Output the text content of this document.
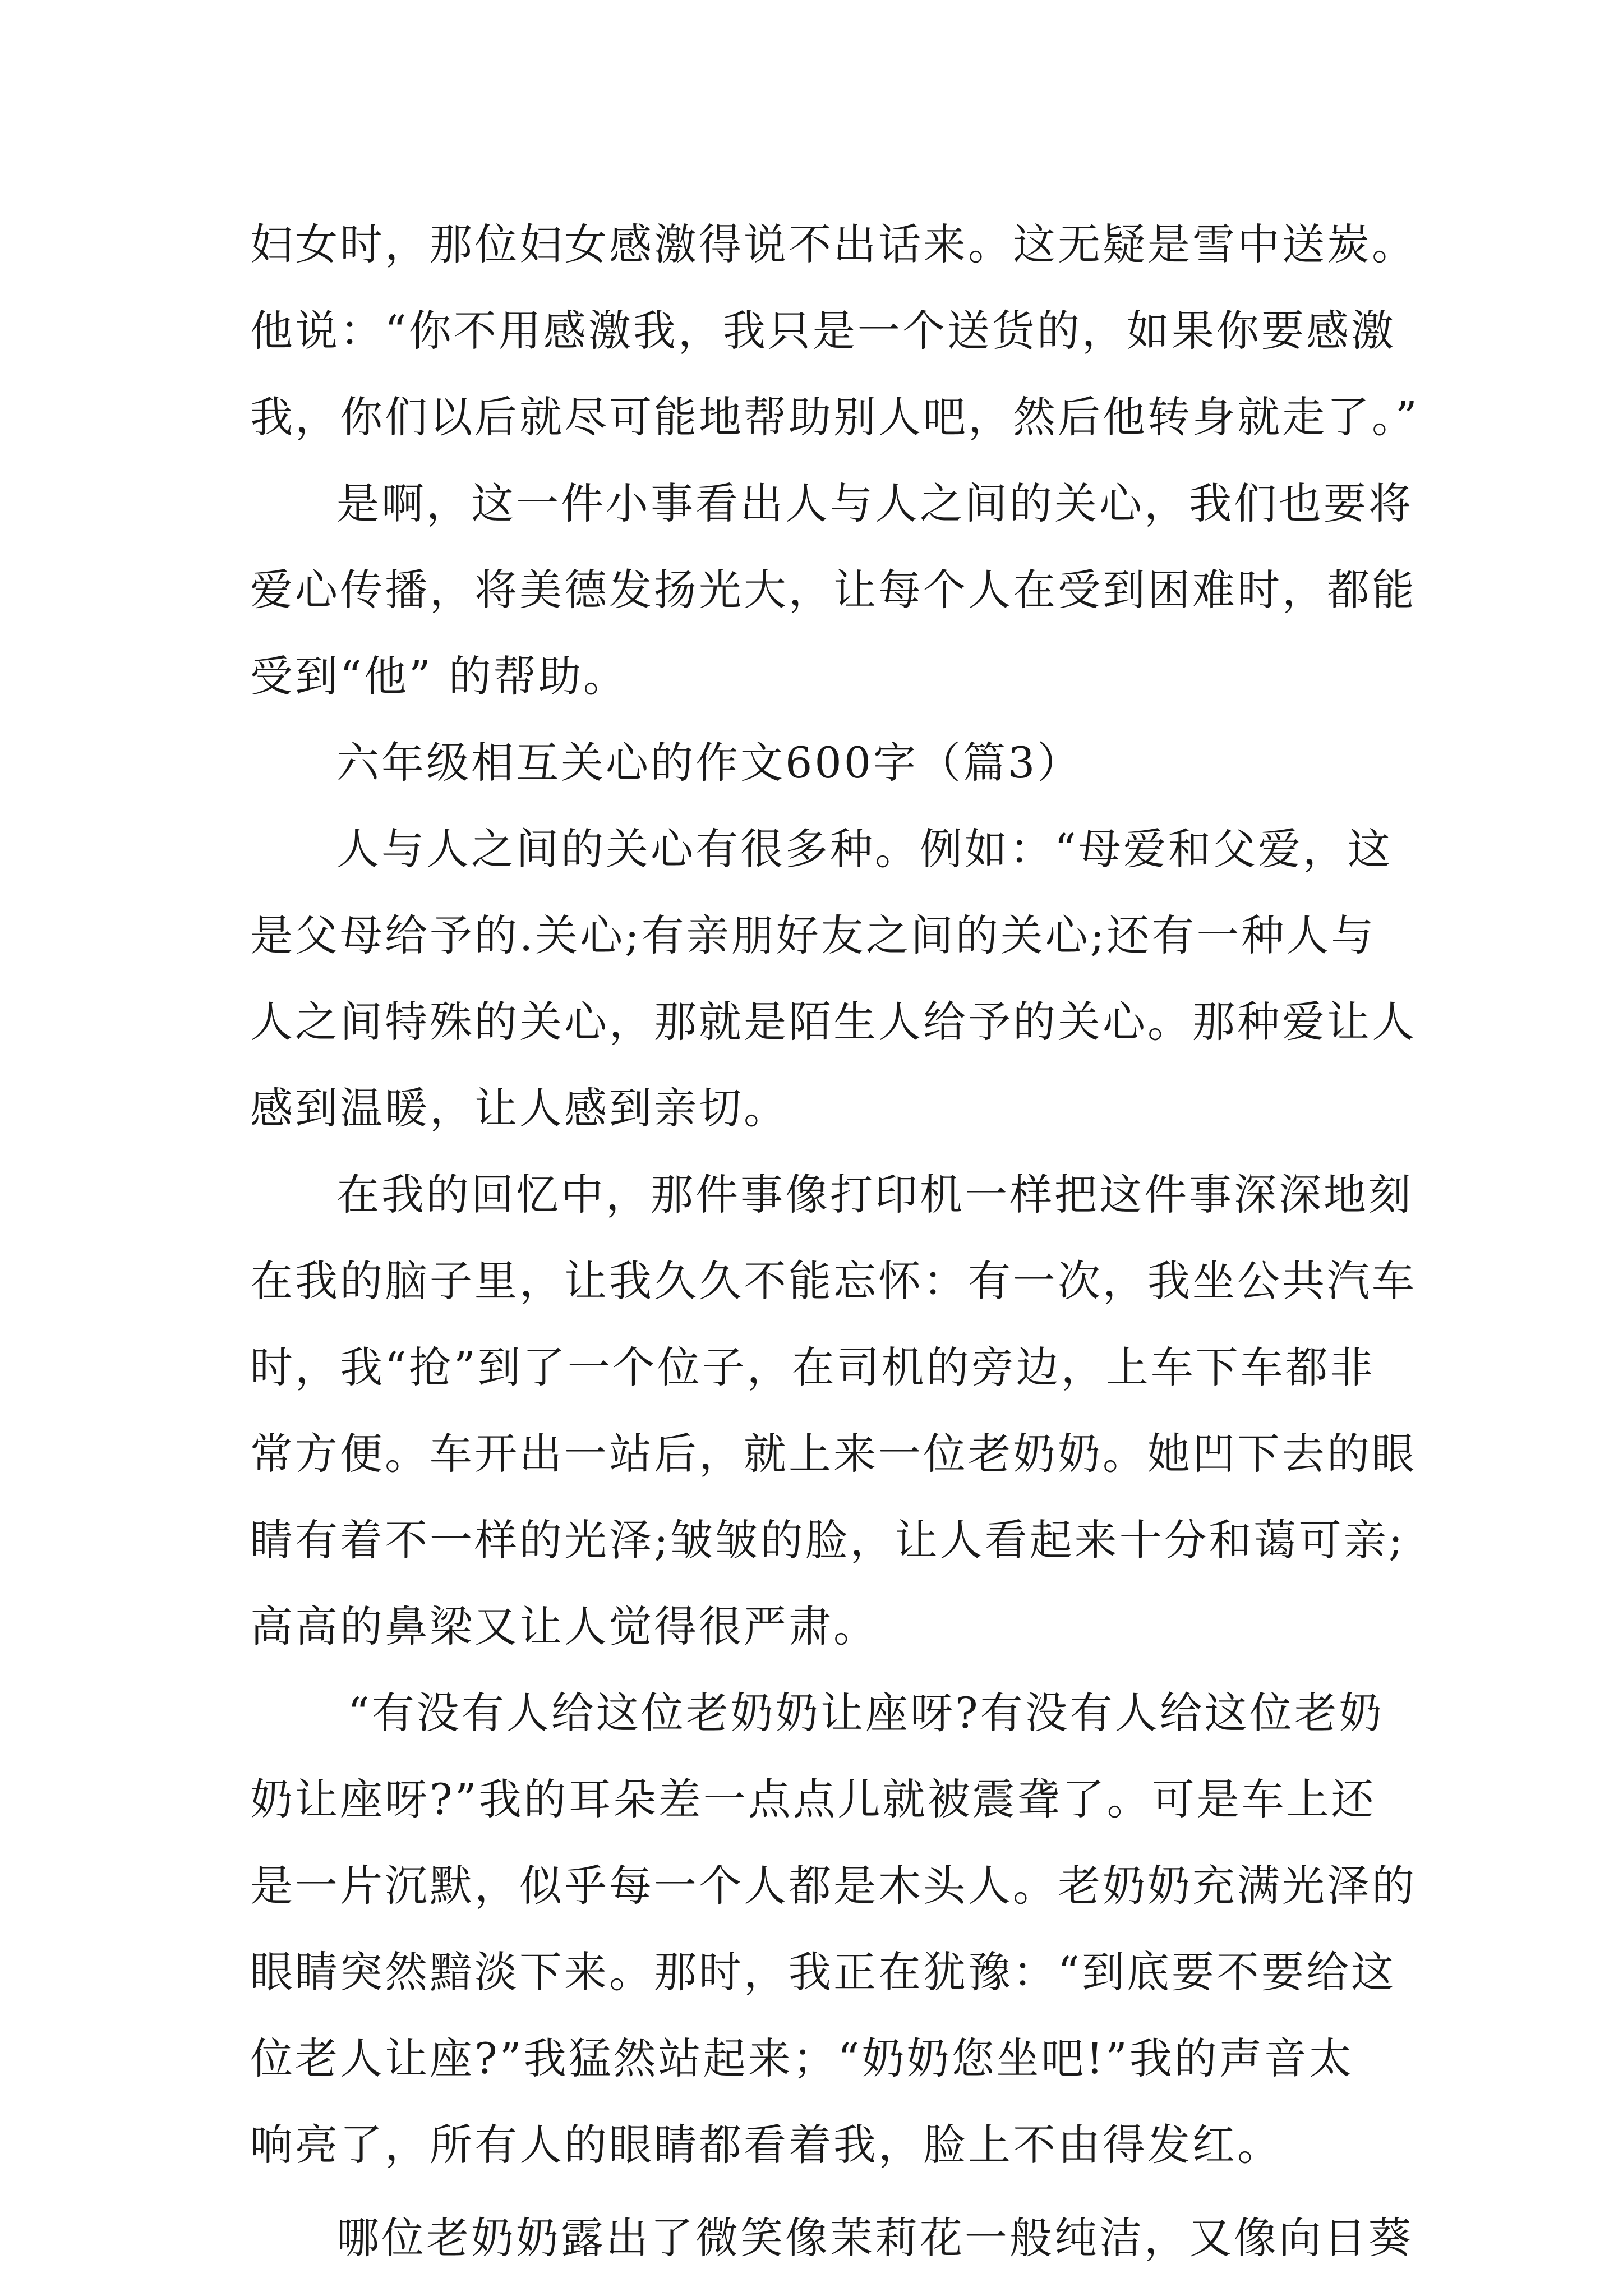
妇女时，那位妇女感激得说不出话来。这无疑是雪中送炭。
他说：“你不用感激我，我只是一个送货的，如果你要感激
我，你们以后就尽可能地帮助别人吧，然后他转身就走了。”
是啊，这一件小事看出人与人之间的关心，我们也要将
爱心传播，将美德发扬光大，让每个人在受到困难时，都能
受到“他” 的帮助。
六年级相互关心的作文600字（篇3）
人与人之间的关心有很多种。例如：“母爱和父爱，这
是父母给予的.关心;有亲朋好友之间的关心;还有一种人与
人之间特殊的关心，那就是陌生人给予的关心。那种爱让人
感到温暖，让人感到亲切。
在我的回忆中，那件事像打印机一样把这件事深深地刻
在我的脑子里，让我久久不能忘怀：有一次，我坐公共汽车
时，我“抢”到了一个位子，在司机的旁边，上车下车都非
常方便。车开出一站后，就上来一位老奶奶。她凹下去的眼
睛有着不一样的光泽;皱皱的脸，让人看起来十分和蔼可亲;
高高的鼻梁又让人觉得很严肃。
“有没有人给这位老奶奶让座呀?有没有人给这位老奶
奶让座呀?”我的耳朵差一点点儿就被震聋了。可是车上还
是一片沉默，似乎每一个人都是木头人。老奶奶充满光泽的
眼睛突然黯淡下来。那时，我正在犹豫：“到底要不要给这
位老人让座?”我猛然站起来；“奶奶您坐吧!”我的声音太
响亮了，所有人的眼睛都看着我，脸上不由得发红。
哪位老奶奶露出了微笑像茉莉花一般纯洁，又像向日葵
